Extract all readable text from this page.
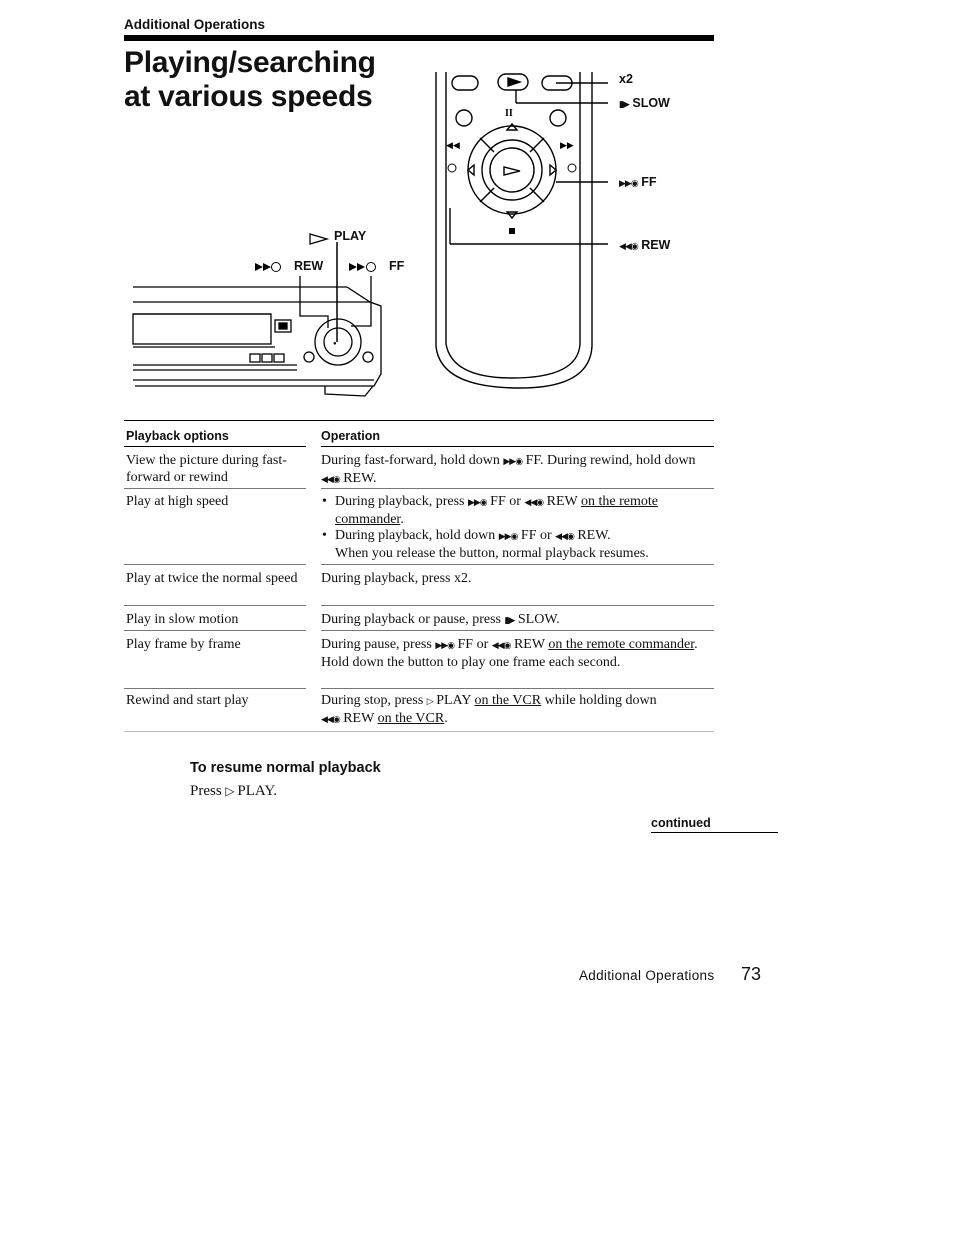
Additional Operations
Playing/searching
at various speeds
●
PLAY
REW	FF
II
◀◀	▶▶
x2
▮▶ SLOW
▶▶◉ FF
◀◀◉ REW
Playback options	Operation
View the picture during fast-forward or rewind
During fast-forward, hold down ▶▶◉ FF. During rewind, hold down ◀◀◉ REW.
Play at high speed
•	During playback, press ▶▶◉ FF or ◀◀◉ REW on the remote commander.
• During playback, hold down ▶▶◉ FF or ◀◀◉ REW.
When you release the button, normal playback resumes.
Play at twice the normal speed	During playback, press x2.
Play in slow motion	During playback or pause, press ▮▶ SLOW.
Play frame by frame	During pause, press ▶▶◉ FF or ◀◀◉ REW on the remote commander. Hold down the button to play one frame each second.
Rewind and start play	During stop, press ▷ PLAY on the VCR while holding down
◀◀◉ REW on the VCR.
To resume normal playback
Press ▷ PLAY.
continued
Additional Operations 73
